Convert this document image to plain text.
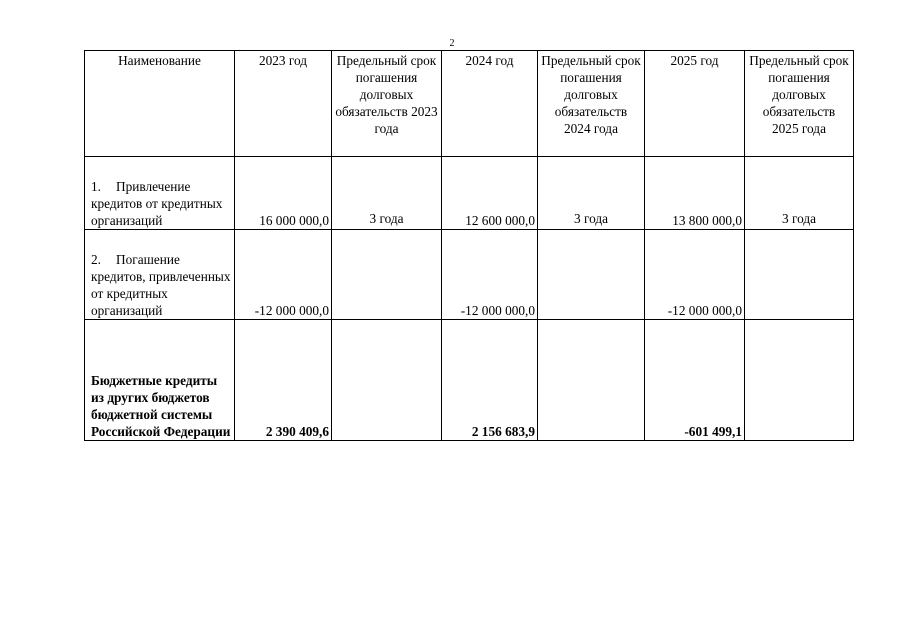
2
Наименование	2023 год	Предельный срок погашения долговых обязательств 2023 года	2024 год	Предельный срок погашения долговых обязательств 2024 года	2025 год	Предельный срок погашения долговых обязательств 2025 года
1. Привлечение кредитов от кредитных организаций	16 000 000,0	3 года	12 600 000,0	3 года	13 800 000,0	3 года
2. Погашение кредитов, привлеченных от кредитных организаций	-12 000 000,0		-12 000 000,0		-12 000 000,0	
Бюджетные кредиты из других бюджетов бюджетной системы Российской Федерации	2 390 409,6		2 156 683,9		-601 499,1	
